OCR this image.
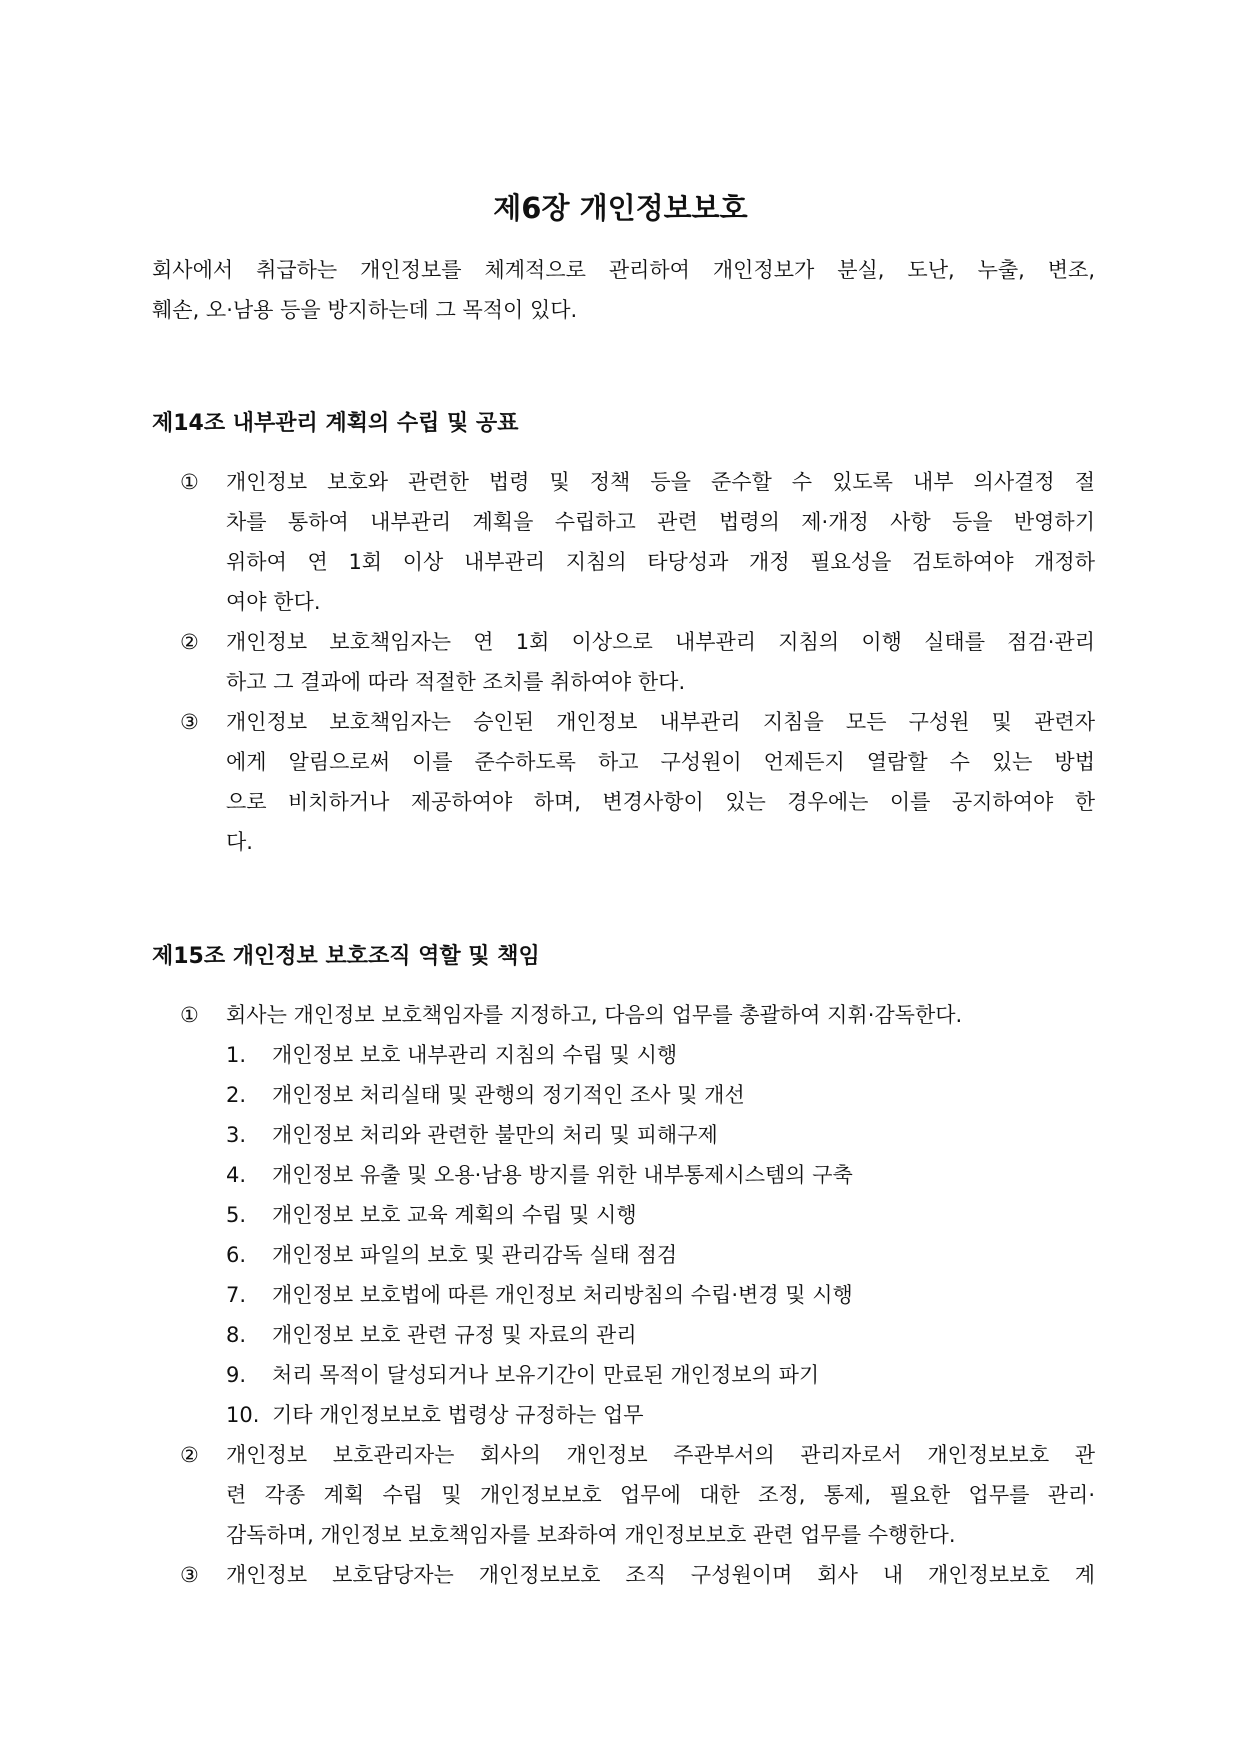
제6장 개인정보보호
회사에서 취급하는 개인정보를 체계적으로 관리하여 개인정보가 분실, 도난, 누출, 변조,
훼손, 오·남용 등을 방지하는데 그 목적이 있다.
제14조 내부관리 계획의 수립 및 공표
① 개인정보 보호와 관련한 법령 및 정책 등을 준수할 수 있도록 내부 의사결정 절
차를 통하여 내부관리 계획을 수립하고 관련 법령의 제·개정 사항 등을 반영하기
위하여 연 1회 이상 내부관리 지침의 타당성과 개정 필요성을 검토하여야 개정하
여야 한다.
② 개인정보 보호책임자는 연 1회 이상으로 내부관리 지침의 이행 실태를 점검·관리
하고 그 결과에 따라 적절한 조치를 취하여야 한다.
③ 개인정보 보호책임자는 승인된 개인정보 내부관리 지침을 모든 구성원 및 관련자
에게 알림으로써 이를 준수하도록 하고 구성원이 언제든지 열람할 수 있는 방법
으로 비치하거나 제공하여야 하며, 변경사항이 있는 경우에는 이를 공지하여야 한
다.
제15조 개인정보 보호조직 역할 및 책임
① 회사는 개인정보 보호책임자를 지정하고, 다음의 업무를 총괄하여 지휘·감독한다.
1. 개인정보 보호 내부관리 지침의 수립 및 시행
2. 개인정보 처리실태 및 관행의 정기적인 조사 및 개선
3. 개인정보 처리와 관련한 불만의 처리 및 피해구제
4. 개인정보 유출 및 오용·남용 방지를 위한 내부통제시스템의 구축
5. 개인정보 보호 교육 계획의 수립 및 시행
6. 개인정보 파일의 보호 및 관리감독 실태 점검
7. 개인정보 보호법에 따른 개인정보 처리방침의 수립·변경 및 시행
8. 개인정보 보호 관련 규정 및 자료의 관리
9. 처리 목적이 달성되거나 보유기간이 만료된 개인정보의 파기
10. 기타 개인정보보호 법령상 규정하는 업무
② 개인정보 보호관리자는 회사의 개인정보 주관부서의 관리자로서 개인정보보호 관
련 각종 계획 수립 및 개인정보보호 업무에 대한 조정, 통제, 필요한 업무를 관리·
감독하며, 개인정보 보호책임자를 보좌하여 개인정보보호 관련 업무를 수행한다.
③ 개인정보 보호담당자는 개인정보보호 조직 구성원이며 회사 내 개인정보보호 계
